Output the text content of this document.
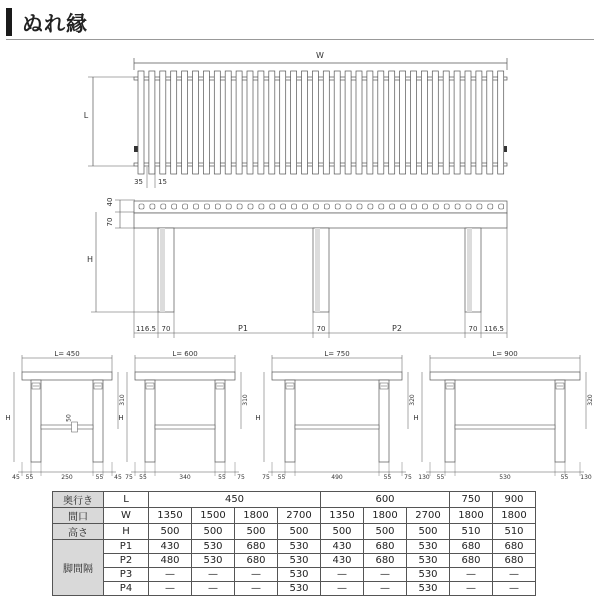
ぬれ縁
W
L
35 15
40
70
H
116.5 70	P1	70	P2	70 116.5
L= 450
50
H
310
45 55	250	55 45
L= 600
H
310
75 55	340	55 75
L= 750
H
320
75 55	490	55 75
L= 900
H
320
130 55	530	55 130
奥行き	L	450				600			750	900
間口	W	1350	1500	1800	2700	1350	1800	2700	1800	1800
高さ	H	500	500	500	500	500	500	500	510	510
脚間隔	P1	430	530	680	530	430	680	530	680	680
	P2	480	530	680	530	430	680	530	680	680
	P3	—	—	—	530	—	—	530	—	—
	P4	—	—	—	530	—	—	530	—	—
